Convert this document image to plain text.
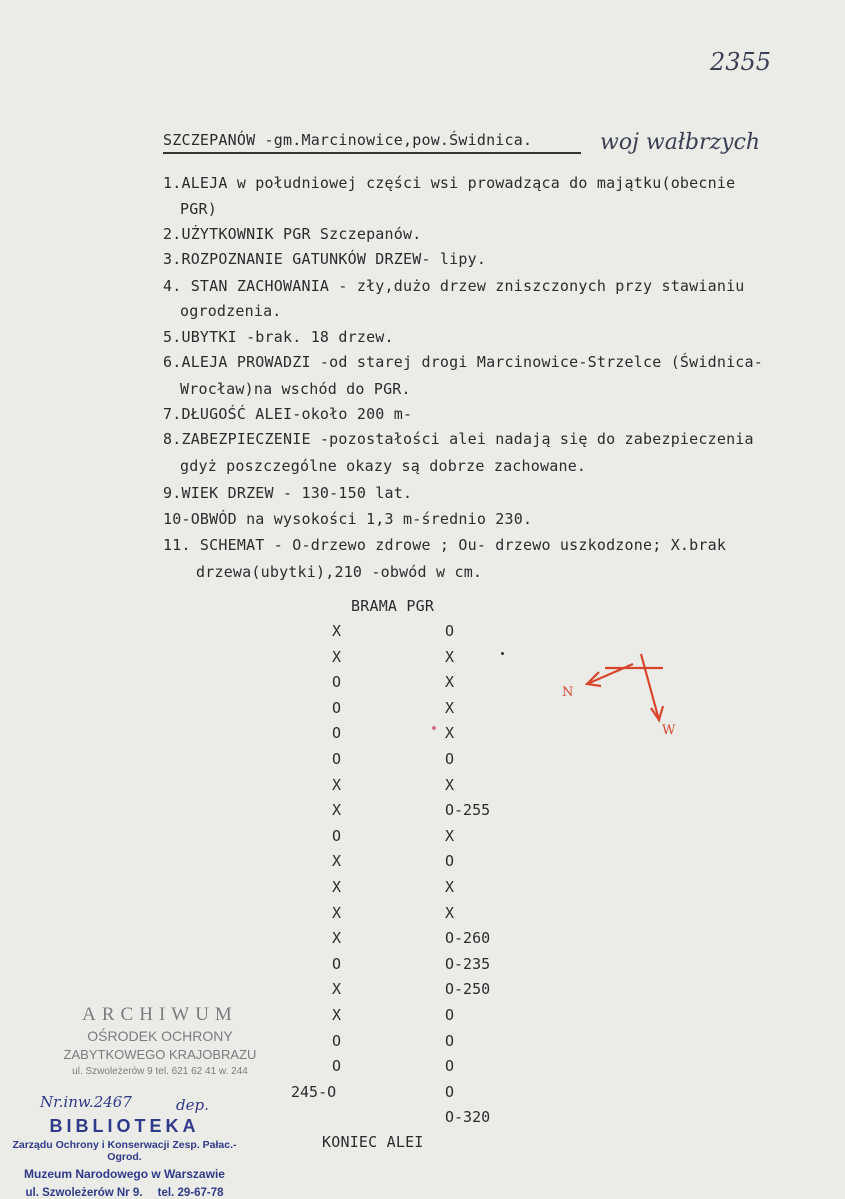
2355
SZCZEPANÓW -gm.Marcinowice,pow.Świdnica.	woj wałbrzych
1.ALEJA w południowej części wsi prowadząca do majątku(obecnie
PGR)
2.UŻYTKOWNIK PGR Szczepanów.
3.ROZPOZNANIE GATUNKÓW DRZEW- lipy.
4. STAN ZACHOWANIA - zły,dużo drzew zniszczonych przy stawianiu
ogrodzenia.
5.UBYTKI -brak. 18 drzew.
6.ALEJA PROWADZI -od starej drogi Marcinowice-Strzelce (Świdnica-
Wrocław)na wschód do PGR.
7.DŁUGOŚĆ ALEI-około 200 m-
8.ZABEZPIECZENIE -pozostałości alei nadają się do zabezpieczenia
gdyż poszczególne okazy są dobrze zachowane.
9.WIEK DRZEW - 130-150 lat.
10-OBWÓD na wysokości 1,3 m-średnio 230.
11. SCHEMAT - O-drzewo zdrowe ; Ou- drzewo uszkodzone; X.brak
drzewa(ubytki),210 -obwód w cm.
BRAMA PGR
X
X
O
O
O
O
X
X
O
X
X
X
X
O
X
X
O
O
245-O
O
X
X
X
X
O
X
O-255
X
O
X
X
O-260
O-235
O-250
O
O
O
O
O-320
KONIEC ALEI
N
W
ARCHIWUM
OŚRODEK OCHRONY
ZABYTKOWEGO KRAJOBRAZU
ul. Szwoleżerów 9 tel. 621 62 41 w. 244
Nr.inw.2467	dep.
BIBLIOTEKA
Zarządu Ochrony i Konserwacji Zesp. Pałac.-Ogrod.
Muzeum Narodowego w Warszawie
ul. Szwoleżerów Nr 9. tel. 29-67-78
